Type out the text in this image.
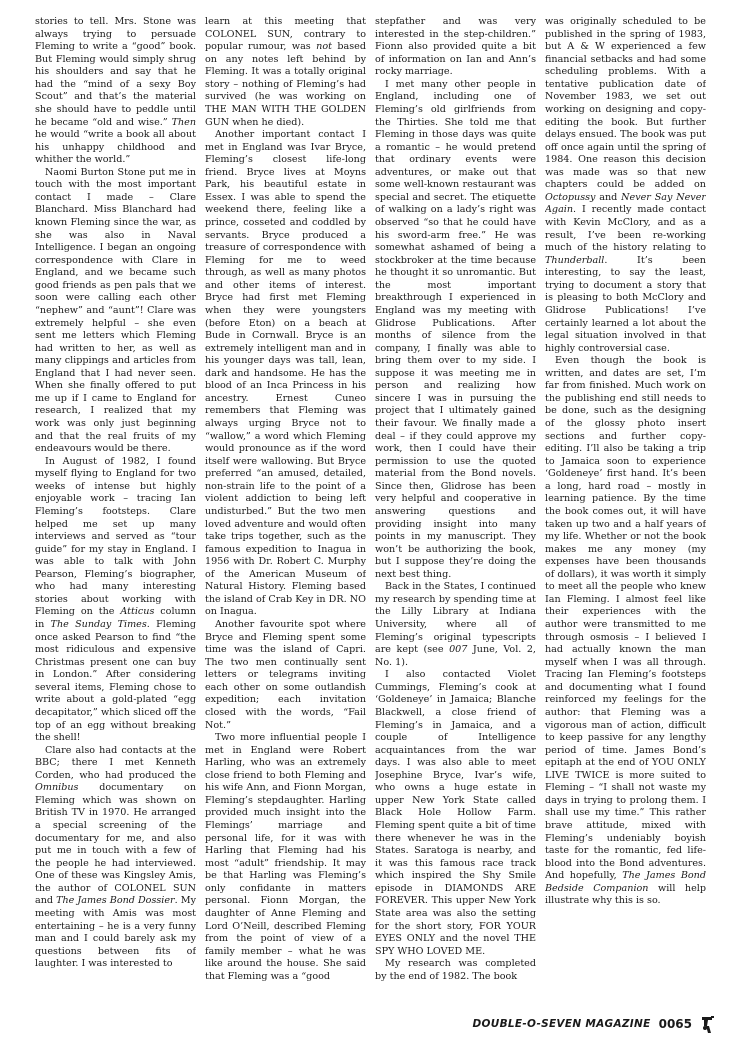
stories to tell. Mrs. Stone was always trying to persuade Fleming to write a “good” book. But Fleming would simply shrug his shoulders and say that he had the “mind of a sexy Boy Scout” and that’s the material she should have to peddle until he became “old and wise.” Then he would “write a book all about his unhappy childhood and whither the world.”

Naomi Burton Stone put me in touch with the most important contact I made – Clare Blanchard. Miss Blanchard had known Fleming since the war, as she was also in Naval Intelligence. I began an ongoing correspondence with Clare in England, and we became such good friends as pen pals that we soon were calling each other “nephew” and “aunt”! Clare was extremely helpful – she even sent me letters which Fleming had written to her, as well as many clippings and articles from England that I had never seen. When she finally offered to put me up if I came to England for research, I realized that my work was only just beginning and that the real fruits of my endeavours would be there.

In August of 1982, I found myself flying to England for two weeks of intense but highly enjoyable work – tracing Ian Fleming’s footsteps. Clare helped me set up many interviews and served as “tour guide” for my stay in England. I was able to talk with John Pearson, Fleming’s biographer, who had many interesting stories about working with Fleming on the Atticus column in The Sunday Times. Fleming once asked Pearson to find “the most ridiculous and expensive Christmas present one can buy in London.” After considering several items, Fleming chose to write about a gold-plated “egg decapitator,” which sliced off the top of an egg without breaking the shell!

Clare also had contacts at the BBC; there I met Kenneth Corden, who had produced the Omnibus documentary on Fleming which was shown on British TV in 1970. He arranged a special screening of the documentary for me, and also put me in touch with a few of the people he had interviewed. One of these was Kingsley Amis, the author of COLONEL SUN and The James Bond Dossier. My meeting with Amis was most entertaining – he is a very funny man and I could barely ask my questions between fits of laughter. I was interested to

learn at this meeting that COLONEL SUN, contrary to popular rumour, was not based on any notes left behind by Fleming. It was a totally original story – nothing of Fleming’s had survived (he was working on THE MAN WITH THE GOLDEN GUN when he died).

Another important contact I met in England was Ivar Bryce, Fleming’s closest life-long friend. Bryce lives at Moyns Park, his beautiful estate in Essex. I was able to spend the weekend there, feeling like a prince, cosseted and coddled by servants. Bryce produced a treasure of correspondence with Fleming for me to weed through, as well as many photos and other items of interest. Bryce had first met Fleming when they were youngsters (before Eton) on a beach at Bude in Cornwall. Bryce is an extremely intelligent man and in his younger days was tall, lean, dark and handsome. He has the blood of an Inca Princess in his ancestry. Ernest Cuneo remembers that Fleming was always urging Bryce not to “wallow,” a word which Fleming would pronounce as if the word itself were wallowing. But Bryce preferred “an amused, detailed, non-strain life to the point of a violent addiction to being left undisturbed.” But the two men loved adventure and would often take trips together, such as the famous expedition to Inagua in 1956 with Dr. Robert C. Murphy of the American Museum of Natural History. Fleming based the island of Crab Key in DR. NO on Inagua.

Another favourite spot where Bryce and Fleming spent some time was the island of Capri. The two men continually sent letters or telegrams inviting each other on some outlandish expedition; each invitation closed with the words, “Fail Not.”

Two more influential people I met in England were Robert Harling, who was an extremely close friend to both Fleming and his wife Ann, and Fionn Morgan, Fleming’s stepdaughter. Harling provided much insight into the Flemings’ marriage and personal life, for it was with Harling that Fleming had his most “adult” friendship. It may be that Harling was Fleming’s only confidante in matters personal. Fionn Morgan, the daughter of Anne Fleming and Lord O’Neill, described Fleming from the point of view of a family member – what he was like around the house. She said that Fleming was a “good

stepfather and was very interested in the step-children.” Fionn also provided quite a bit of information on Ian and Ann’s rocky marriage.

I met many other people in England, including one of Fleming’s old girlfriends from the Thirties. She told me that Fleming in those days was quite a romantic – he would pretend that ordinary events were adventures, or make out that some well-known restaurant was special and secret. The etiquette of walking on a lady’s right was observed “so that he could have his sword-arm free.” He was somewhat ashamed of being a stockbroker at the time because he thought it so unromantic. But the most important breakthrough I experienced in England was my meeting with Glidrose Publications. After months of silence from the company, I finally was able to bring them over to my side. I suppose it was meeting me in person and realizing how sincere I was in pursuing the project that I ultimately gained their favour. We finally made a deal – if they could approve my work, then I could have their permission to use the quoted material from the Bond novels. Since then, Glidrose has been very helpful and cooperative in answering questions and providing insight into many points in my manuscript. They won’t be authorizing the book, but I suppose they’re doing the next best thing.

Back in the States, I continued my research by spending time at the Lilly Library at Indiana University, where all of Fleming’s original typescripts are kept (see 007 June, Vol. 2, No. 1).

I also contacted Violet Cummings, Fleming’s cook at ‘Goldeneye’ in Jamaica; Blanche Blackwell, a close friend of Fleming’s in Jamaica, and a couple of Intelligence acquaintances from the war days. I was also able to meet Josephine Bryce, Ivar’s wife, who owns a huge estate in upper New York State called Black Hole Hollow Farm. Fleming spent quite a bit of time there whenever he was in the States. Saratoga is nearby, and it was this famous race track which inspired the Shy Smile episode in DIAMONDS ARE FOREVER. This upper New York State area was also the setting for the short story, FOR YOUR EYES ONLY and the novel THE SPY WHO LOVED ME.

My research was completed by the end of 1982. The book

was originally scheduled to be published in the spring of 1983, but A & W experienced a few financial setbacks and had some scheduling problems. With a tentative publication date of November 1983, we set out working on designing and copy-editing the book. But further delays ensued. The book was put off once again until the spring of 1984. One reason this decision was made was so that new chapters could be added on Octopussy and Never Say Never Again. I recently made contact with Kevin McClory, and as a result, I’ve been re-working much of the history relating to Thunderball. It’s been interesting, to say the least, trying to document a story that is pleasing to both McClory and Glidrose Publications! I’ve certainly learned a lot about the legal situation involved in that highly controversial case.

Even though the book is written, and dates are set, I’m far from finished. Much work on the publishing end still needs to be done, such as the designing of the glossy photo insert sections and further copy-editing. I’ll also be taking a trip to Jamaica soon to experience ‘Goldeneye’ first hand. It’s been a long, hard road – mostly in learning patience. By the time the book comes out, it will have taken up two and a half years of my life. Whether or not the book makes me any money (my expenses have been thousands of dollars), it was worth it simply to meet all the people who knew Ian Fleming. I almost feel like their experiences with the author were transmitted to me through osmosis – I believed I had actually known the man myself when I was all through. Tracing Ian Fleming’s footsteps and documenting what I found reinforced my feelings for the author: that Fleming was a vigorous man of action, difficult to keep passive for any lengthy period of time. James Bond’s epitaph at the end of YOU ONLY LIVE TWICE is more suited to Fleming – “I shall not waste my days in trying to prolong them. I shall use my time.” This rather brave attitude, mixed with Fleming’s undeniably boyish taste for the romantic, fed life-blood into the Bond adventures. And hopefully, The James Bond Bedside Companion will help illustrate why this is so.

DOUBLE-O-SEVEN MAGAZINE 0065
